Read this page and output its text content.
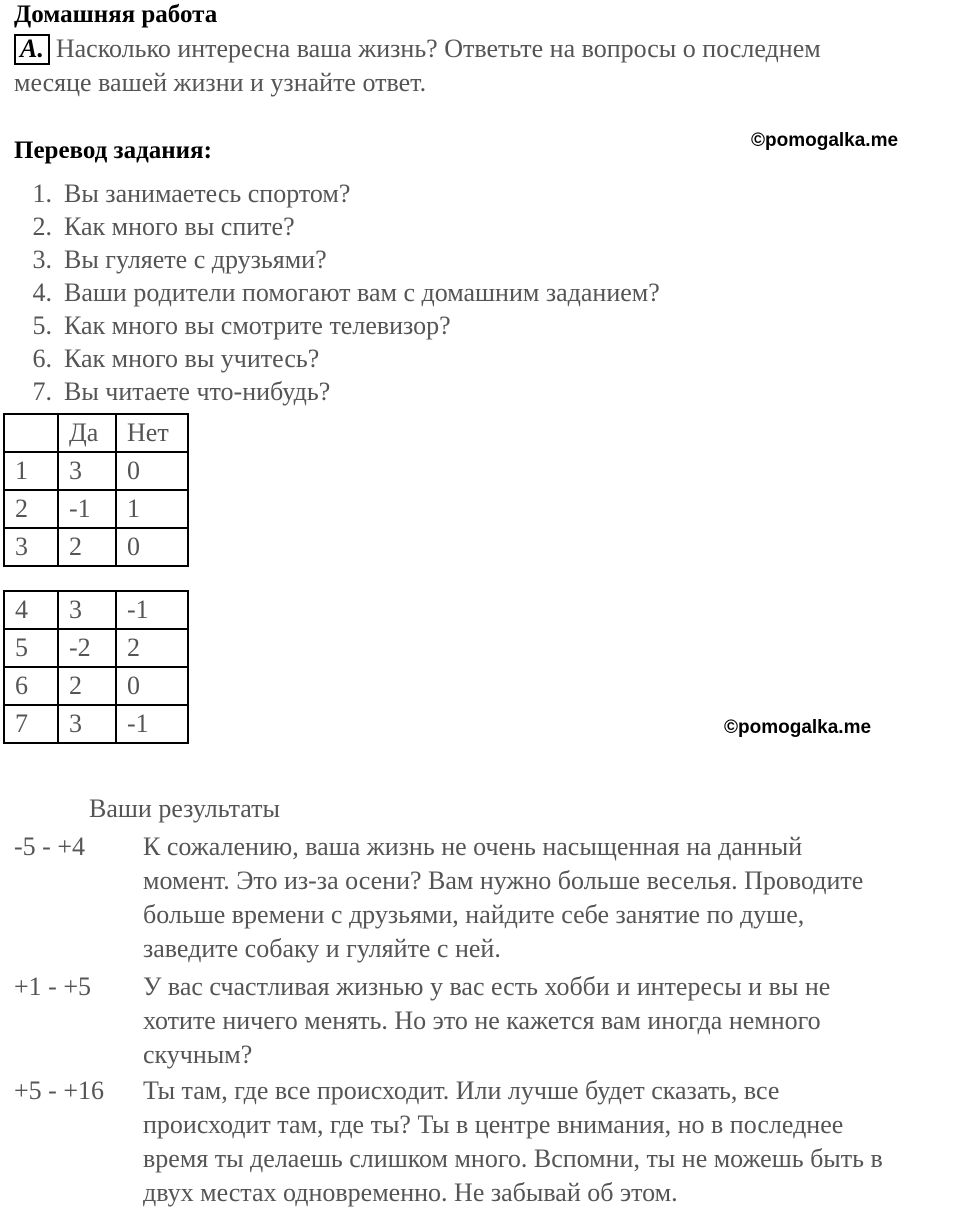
Домашняя работа
A. Насколько интересна ваша жизнь? Ответьте на вопросы о последнем
месяце вашей жизни и узнайте ответ.
Перевод задания:	©pomogalka.me
1. Вы занимаетесь спортом?
2. Как много вы спите?
3. Вы гуляете с друзьями?
4. Ваши родители помогают вам с домашним заданием?
5. Как много вы смотрите телевизор?
6. Как много вы учитесь?
7. Вы читаете что-нибудь?
	Да	Нет
1	3	0
2	-1	1
3	2	0
4	3	-1
5	-2	2
6	2	0
7	3	-1	©pomogalka.me
Ваши результаты
-5 - +4 К сожалению, ваша жизнь не очень насыщенная на данный
момент. Это из-за осени? Вам нужно больше веселья. Проводите
больше времени с друзьями, найдите себе занятие по душе,
заведите собаку и гуляйте с ней.
+1 - +5 У вас счастливая жизнью у вас есть хобби и интересы и вы не
хотите ничего менять. Но это не кажется вам иногда немного
скучным?
+5 - +16 Ты там, где все происходит. Или лучше будет сказать, все
происходит там, где ты? Ты в центре внимания, но в последнее
время ты делаешь слишком много. Вспомни, ты не можешь быть в
двух местах одновременно. Не забывай об этом.
